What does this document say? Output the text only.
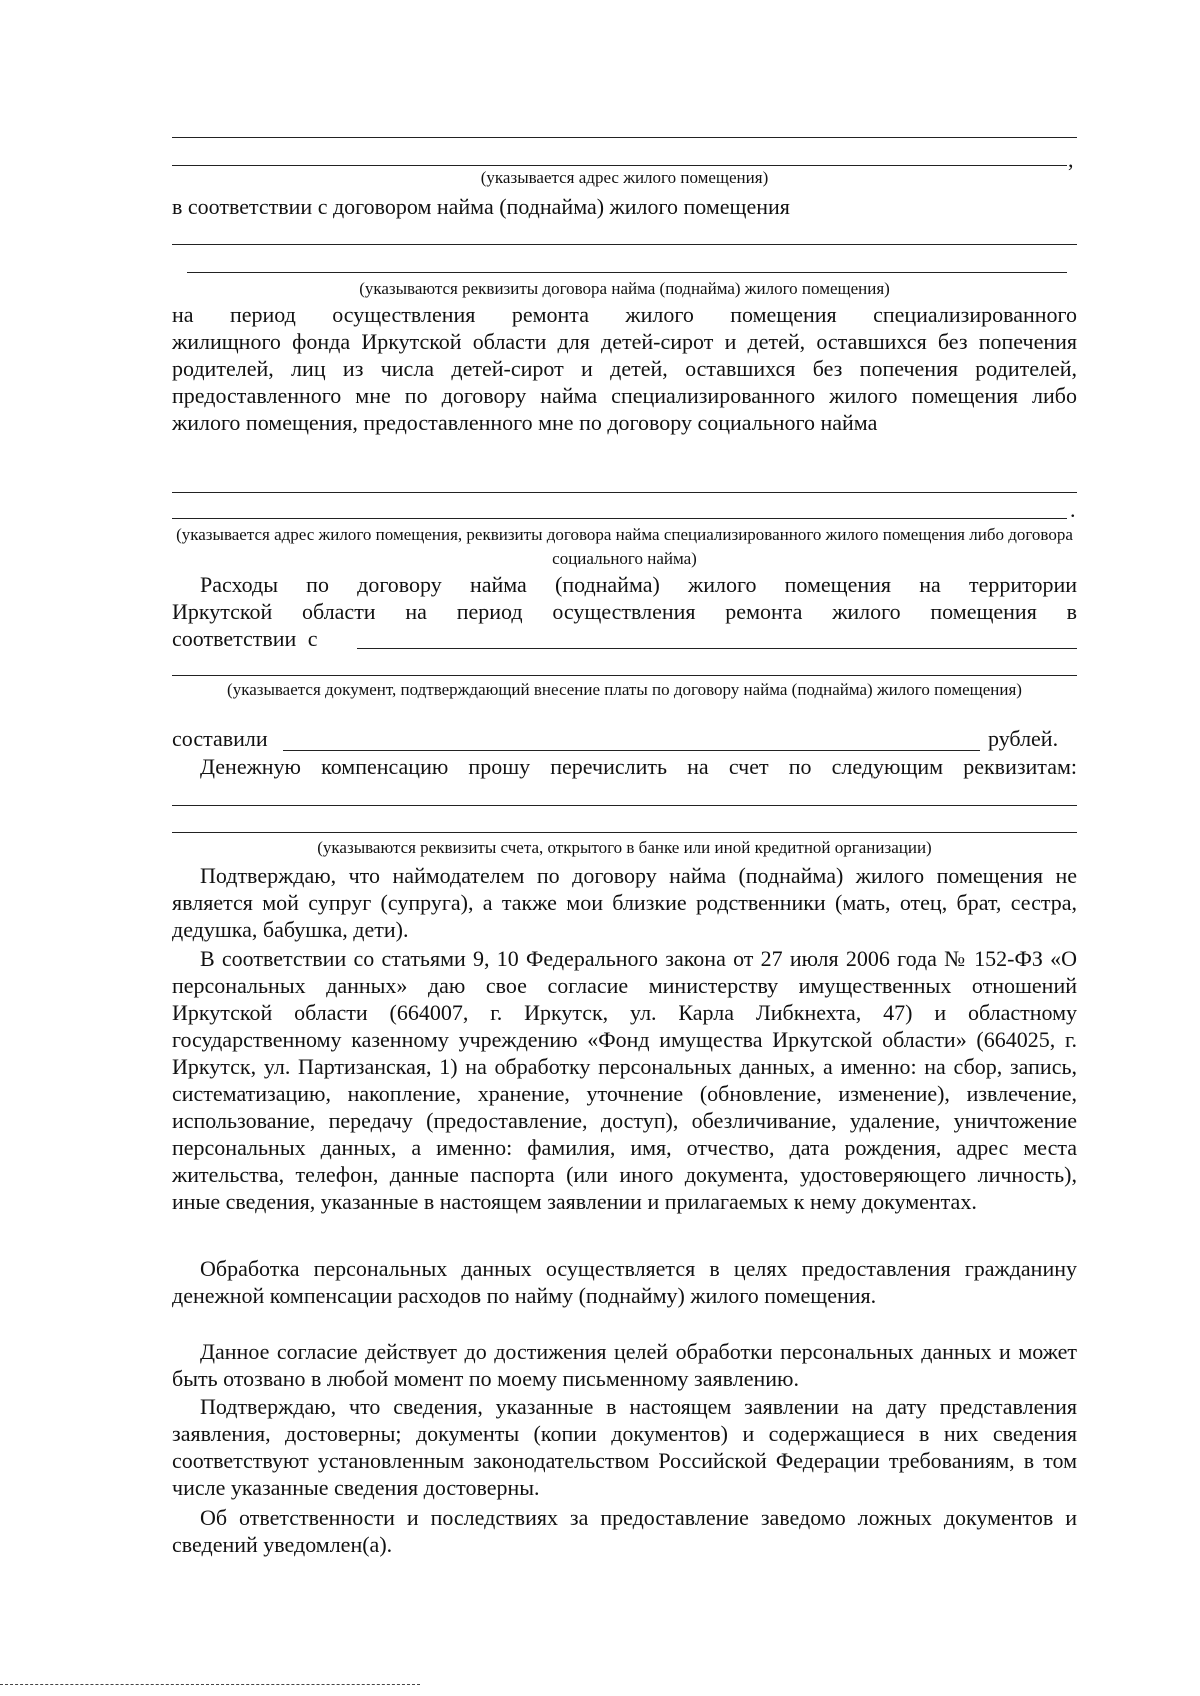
,

(указывается адрес жилого помещения)

в соответствии с договором найма (поднайма) жилого помещения

(указываются реквизиты договора найма (поднайма) жилого помещения)

на период осуществления ремонта жилого помещения специализированного

жилищного фонда Иркутской области для детей-сирот и детей, оставшихся без попечения родителей, лиц из числа детей-сирот и детей, оставшихся без попечения родителей, предоставленного мне по договору найма специализированного жилого помещения либо жилого помещения, предоставленного мне по договору социального найма

.

(указывается адрес жилого помещения, реквизиты договора найма специализированного жилого помещения либо договора социального найма)

Расходы по договору найма (поднайма) жилого помещения на территории

Иркутской области на период осуществления ремонта жилого помещения в

соответствии с

(указывается документ, подтверждающий внесение платы по договору найма (поднайма) жилого помещения)

составили	рублей.

Денежную компенсацию прошу перечислить на счет по следующим реквизитам:

(указываются реквизиты счета, открытого в банке или иной кредитной организации)

Подтверждаю, что наймодателем по договору найма (поднайма) жилого помещения не является мой супруг (супруга), а также мои близкие родственники (мать, отец, брат, сестра, дедушка, бабушка, дети).

В соответствии со статьями 9, 10 Федерального закона от 27 июля 2006 года № 152-ФЗ «О персональных данных» даю свое согласие министерству имущественных отношений Иркутской области (664007, г. Иркутск, ул. Карла Либкнехта, 47) и областному государственному казенному учреждению «Фонд имущества Иркутской области» (664025, г. Иркутск, ул. Партизанская, 1) на обработку персональных данных, а именно: на сбор, запись, систематизацию, накопление, хранение, уточнение (обновление, изменение), извлечение, использование, передачу (предоставление, доступ), обезличивание, удаление, уничтожение персональных данных, а именно: фамилия, имя, отчество, дата рождения, адрес места жительства, телефон, данные паспорта (или иного документа, удостоверяющего личность), иные сведения, указанные в настоящем заявлении и прилагаемых к нему документах.

Обработка персональных данных осуществляется в целях предоставления гражданину денежной компенсации расходов по найму (поднайму) жилого помещения.

Данное согласие действует до достижения целей обработки персональных данных и может быть отозвано в любой момент по моему письменному заявлению.

Подтверждаю, что сведения, указанные в настоящем заявлении на дату представления заявления, достоверны; документы (копии документов) и содержащиеся в них сведения соответствуют установленным законодательством Российской Федерации требованиям, в том числе указанные сведения достоверны.

Об ответственности и последствиях за предоставление заведомо ложных документов и сведений уведомлен(а).
